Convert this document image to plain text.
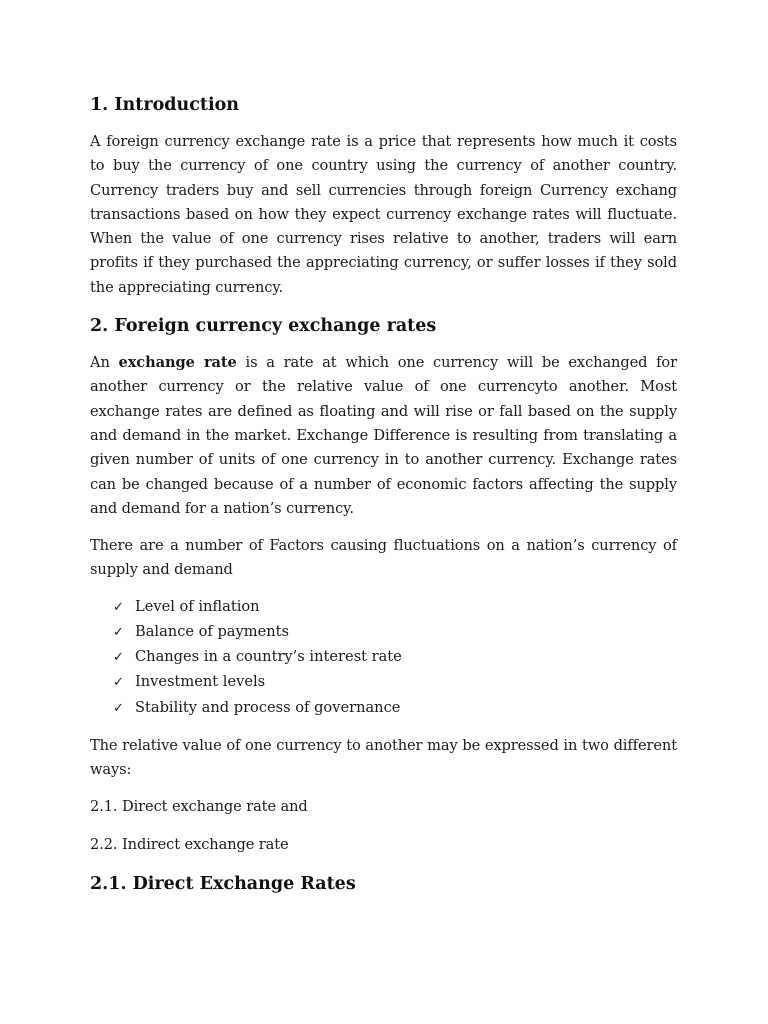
1. Introduction

A foreign currency exchange rate is a price that represents how much it costs to buy the currency of one country using the currency of another country. Currency traders buy and sell currencies through foreign Currency exchang transactions based on how they expect currency exchange rates will fluctuate. When the value of one currency rises relative to another, traders will earn profits if they purchased the appreciating currency, or suffer losses if they sold the appreciating currency.

2. Foreign currency exchange rates

An exchange rate is a rate at which one currency will be exchanged for another currency or the relative value of one currencyto another. Most exchange rates are defined as floating and will rise or fall based on the supply and demand in the market. Exchange Difference is resulting from translating a given number of units of one currency in to another currency. Exchange rates can be changed because of a number of economic factors affecting the supply and demand for a nation’s currency.

There are a number of Factors causing fluctuations on a nation’s currency of supply and demand

✓ Level of inflation
✓ Balance of payments
✓ Changes in a country’s interest rate
✓ Investment levels
✓ Stability and process of governance

The relative value of one currency to another may be expressed in two different ways:

2.1. Direct exchange rate and

2.2. Indirect exchange rate

2.1. Direct Exchange Rates
